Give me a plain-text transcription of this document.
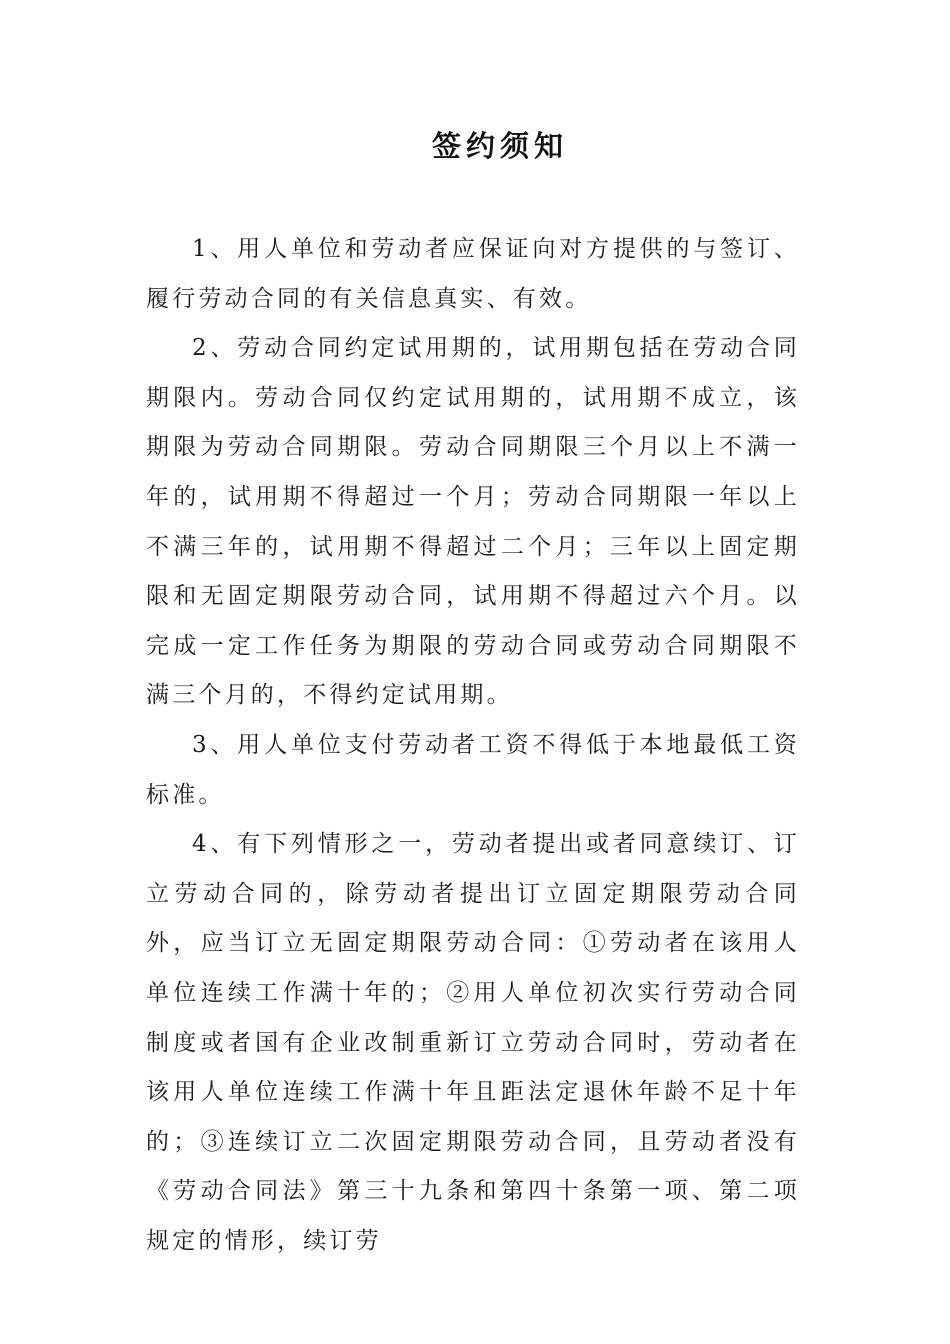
签约须知

1、用人单位和劳动者应保证向对方提供的与签订、履行劳动合同的有关信息真实、有效。

2、劳动合同约定试用期的，试用期包括在劳动合同期限内。劳动合同仅约定试用期的，试用期不成立，该期限为劳动合同期限。劳动合同期限三个月以上不满一年的，试用期不得超过一个月；劳动合同期限一年以上不满三年的，试用期不得超过二个月；三年以上固定期限和无固定期限劳动合同，试用期不得超过六个月。以完成一定工作任务为期限的劳动合同或劳动合同期限不满三个月的，不得约定试用期。

3、用人单位支付劳动者工资不得低于本地最低工资标准。

4、有下列情形之一，劳动者提出或者同意续订、订立劳动合同的，除劳动者提出订立固定期限劳动合同外，应当订立无固定期限劳动合同：①劳动者在该用人单位连续工作满十年的；②用人单位初次实行劳动合同制度或者国有企业改制重新订立劳动合同时，劳动者在该用人单位连续工作满十年且距法定退休年龄不足十年的；③连续订立二次固定期限劳动合同，且劳动者没有《劳动合同法》第三十九条和第四十条第一项、第二项规定的情形，续订劳
